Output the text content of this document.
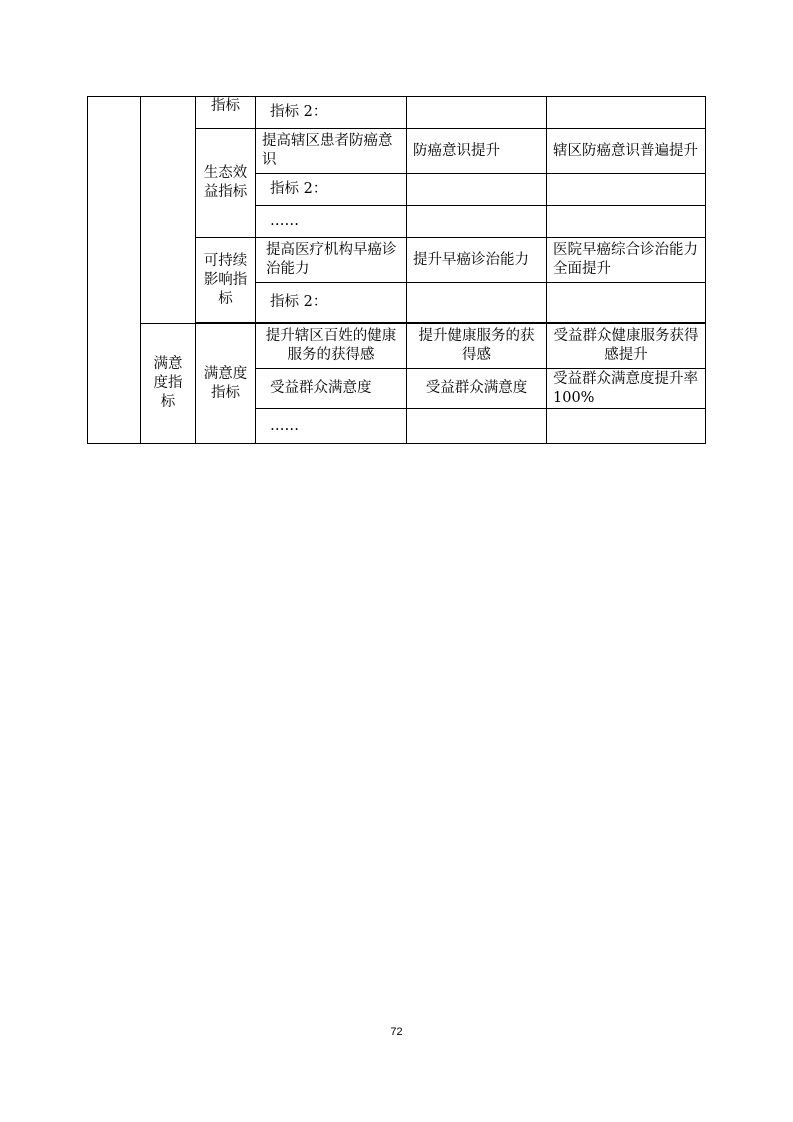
		指标	指标 2：		
		生态效益指标	提高辖区患者防癌意识	防癌意识提升	辖区防癌意识普遍提升
			指标 2：		
			……		
		可持续影响指标	提高医疗机构早癌诊治能力	提升早癌诊治能力	医院早癌综合诊治能力全面提升
			指标 2：		

	满意度指标	满意度指标	提升辖区百姓的健康服务的获得感	提升健康服务的获得感	受益群众健康服务获得感提升
			受益群众满意度	受益群众满意度	受益群众满意度提升率 100%
			……		
72
